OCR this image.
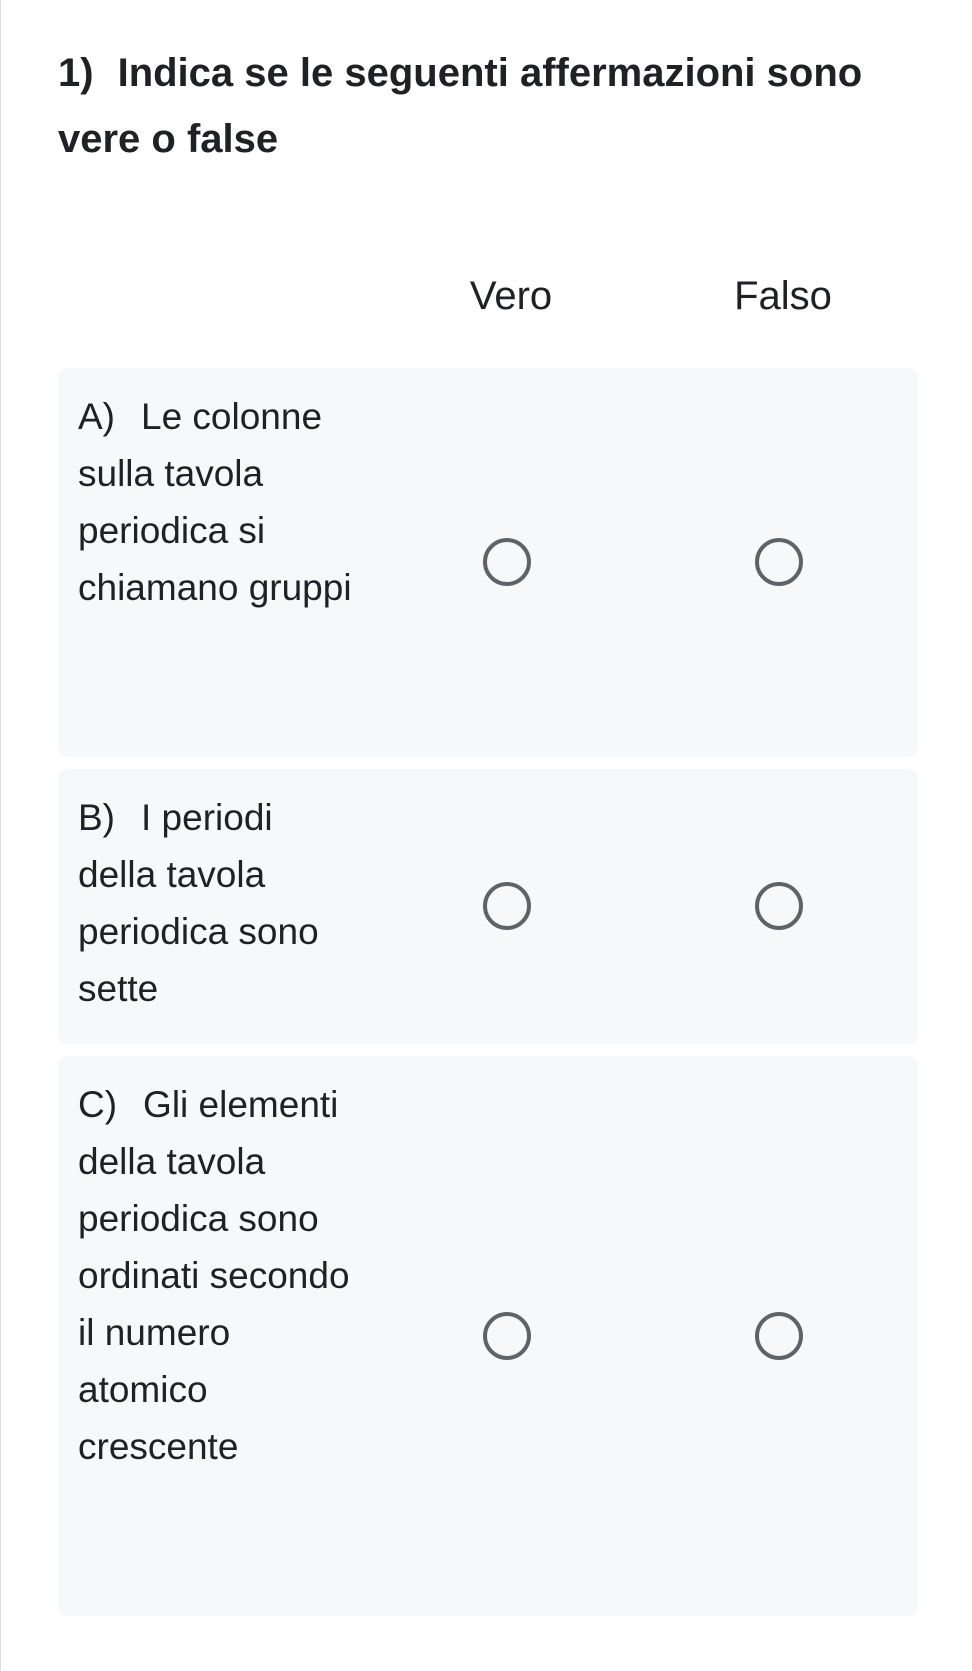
1) Indica se le seguenti affermazioni sono vere o false
Vero	Falso

A) Le colonne sulla tavola periodica si chiamano gruppi

B) I periodi della tavola periodica sono sette

C) Gli elementi della tavola periodica sono ordinati secondo il numero atomico crescente
